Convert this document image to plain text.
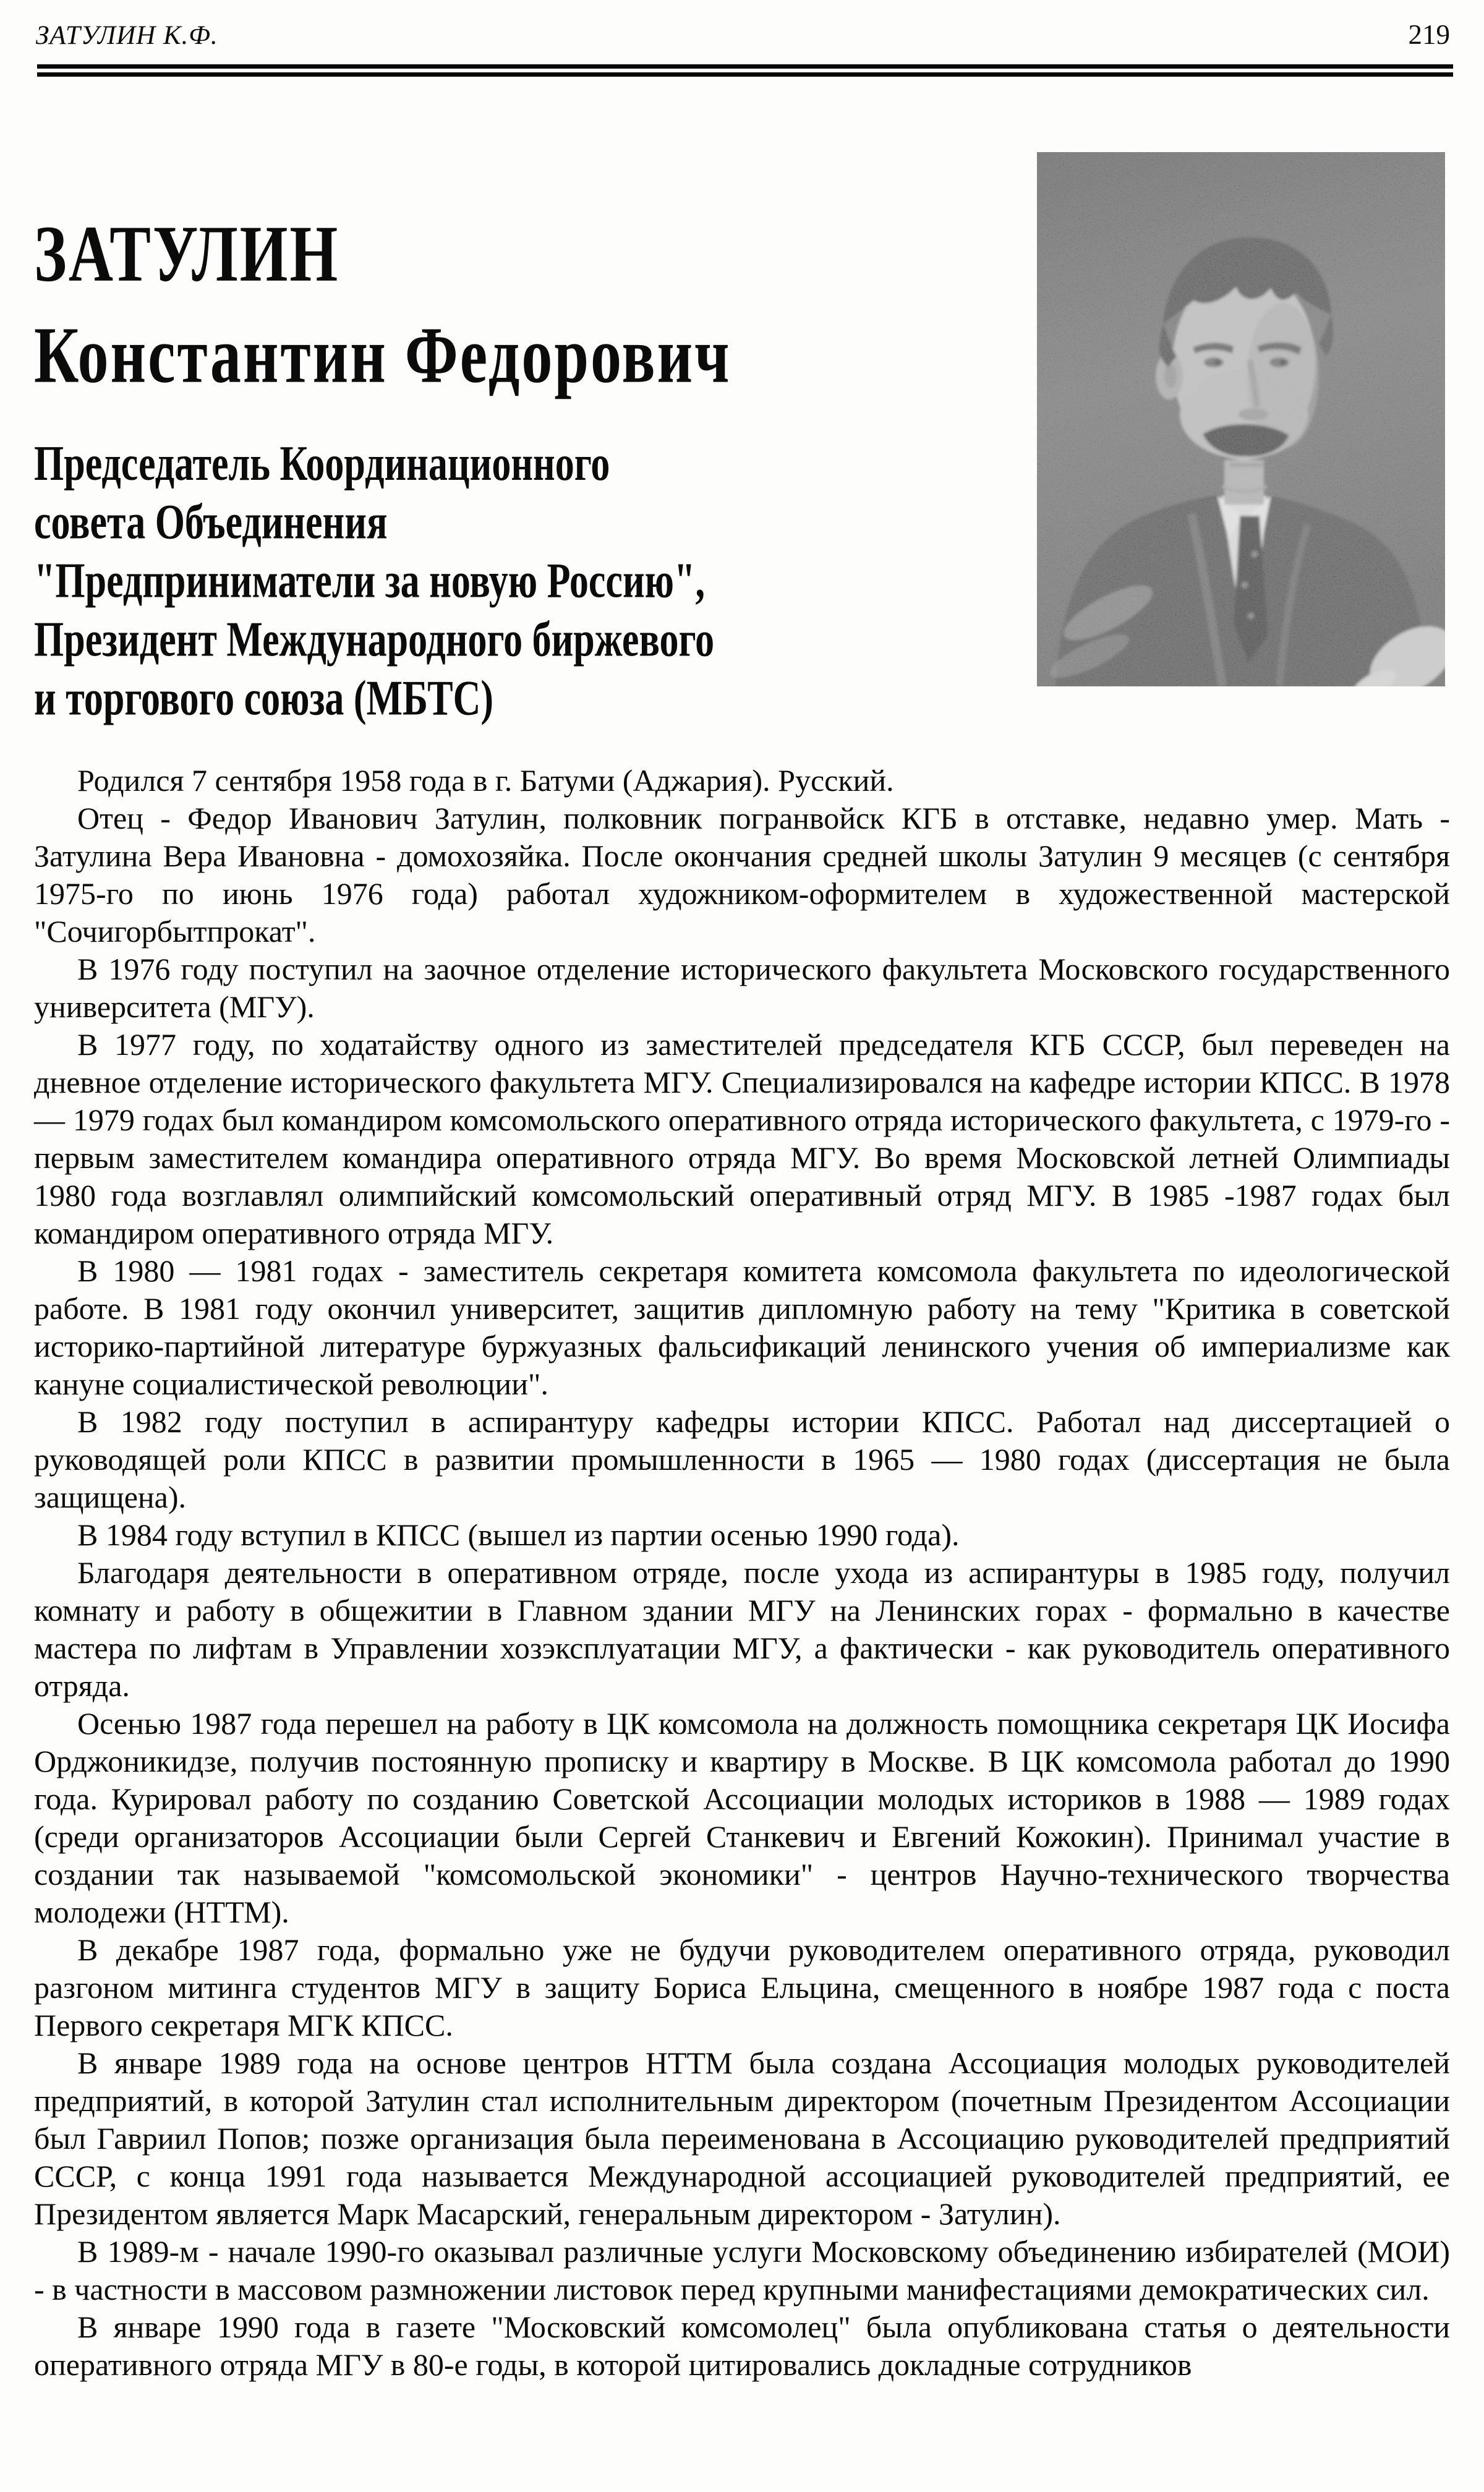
ЗАТУЛИН К.Ф.	219
ЗАТУЛИН
Константин Федорович
Председатель Координационного
совета Объединения
"Предприниматели за новую Россию",
Президент Международного биржевого
и торгового союза (МБТС)

Родился 7 сентября 1958 года в г. Батуми (Аджария). Русский.

Отец - Федор Иванович Затулин, полковник погранвойск КГБ в отставке, недавно умер. Мать - Затулина Вера Ивановна - домохозяйка. После окончания средней школы Затулин 9 месяцев (с сентября 1975-го по июнь 1976 года) работал художником-оформителем в художественной мастерской "Сочигорбытпрокат".

В 1976 году поступил на заочное отделение исторического факультета Московского государственного университета (МГУ).

В 1977 году, по ходатайству одного из заместителей председателя КГБ СССР, был переведен на дневное отделение исторического факультета МГУ. Специализировался на кафедре истории КПСС. В 1978 — 1979 годах был командиром комсомольского оперативного отряда исторического факультета, с 1979-го - первым заместителем командира оперативного отряда МГУ. Во время Московской летней Олимпиады 1980 года возглавлял олимпийский комсомольский оперативный отряд МГУ. В 1985 -1987 годах был командиром оперативного отряда МГУ.

В 1980 — 1981 годах - заместитель секретаря комитета комсомола факультета по идеологической работе. В 1981 году окончил университет, защитив дипломную работу на тему "Критика в советской историко-партийной литературе буржуазных фальсификаций ленинского учения об империализме как кануне социалистической революции".

В 1982 году поступил в аспирантуру кафедры истории КПСС. Работал над диссертацией о руководящей роли КПСС в развитии промышленности в 1965 — 1980 годах (диссертация не была защищена).

В 1984 году вступил в КПСС (вышел из партии осенью 1990 года).

Благодаря деятельности в оперативном отряде, после ухода из аспирантуры в 1985 году, получил комнату и работу в общежитии в Главном здании МГУ на Ленинских горах - формально в качестве мастера по лифтам в Управлении хозэксплуатации МГУ, а фактически - как руководитель оперативного отряда.

Осенью 1987 года перешел на работу в ЦК комсомола на должность помощника секретаря ЦК Иосифа Орджоникидзе, получив постоянную прописку и квартиру в Москве. В ЦК комсомола работал до 1990 года. Курировал работу по созданию Советской Ассоциации молодых историков в 1988 — 1989 годах (среди организаторов Ассоциации были Сергей Станкевич и Евгений Кожокин). Принимал участие в создании так называемой "комсомольской экономики" - центров Научно-технического творчества молодежи (НТТМ).

В декабре 1987 года, формально уже не будучи руководителем оперативного отряда, руководил разгоном митинга студентов МГУ в защиту Бориса Ельцина, смещенного в ноябре 1987 года с поста Первого секретаря МГК КПСС.

В январе 1989 года на основе центров НТТМ была создана Ассоциация молодых руководителей предприятий, в которой Затулин стал исполнительным директором (почетным Президентом Ассоциации был Гавриил Попов; позже организация была переименована в Ассоциацию руководителей предприятий СССР, с конца 1991 года называется Международной ассоциацией руководителей предприятий, ее Президентом является Марк Масарский, генеральным директором - Затулин).

В 1989-м - начале 1990-го оказывал различные услуги Московскому объединению избирателей (МОИ) - в частности в массовом размножении листовок перед крупными манифестациями демократических сил.

В январе 1990 года в газете "Московский комсомолец" была опубликована статья о деятельности оперативного отряда МГУ в 80-е годы, в которой цитировались докладные сотрудников
